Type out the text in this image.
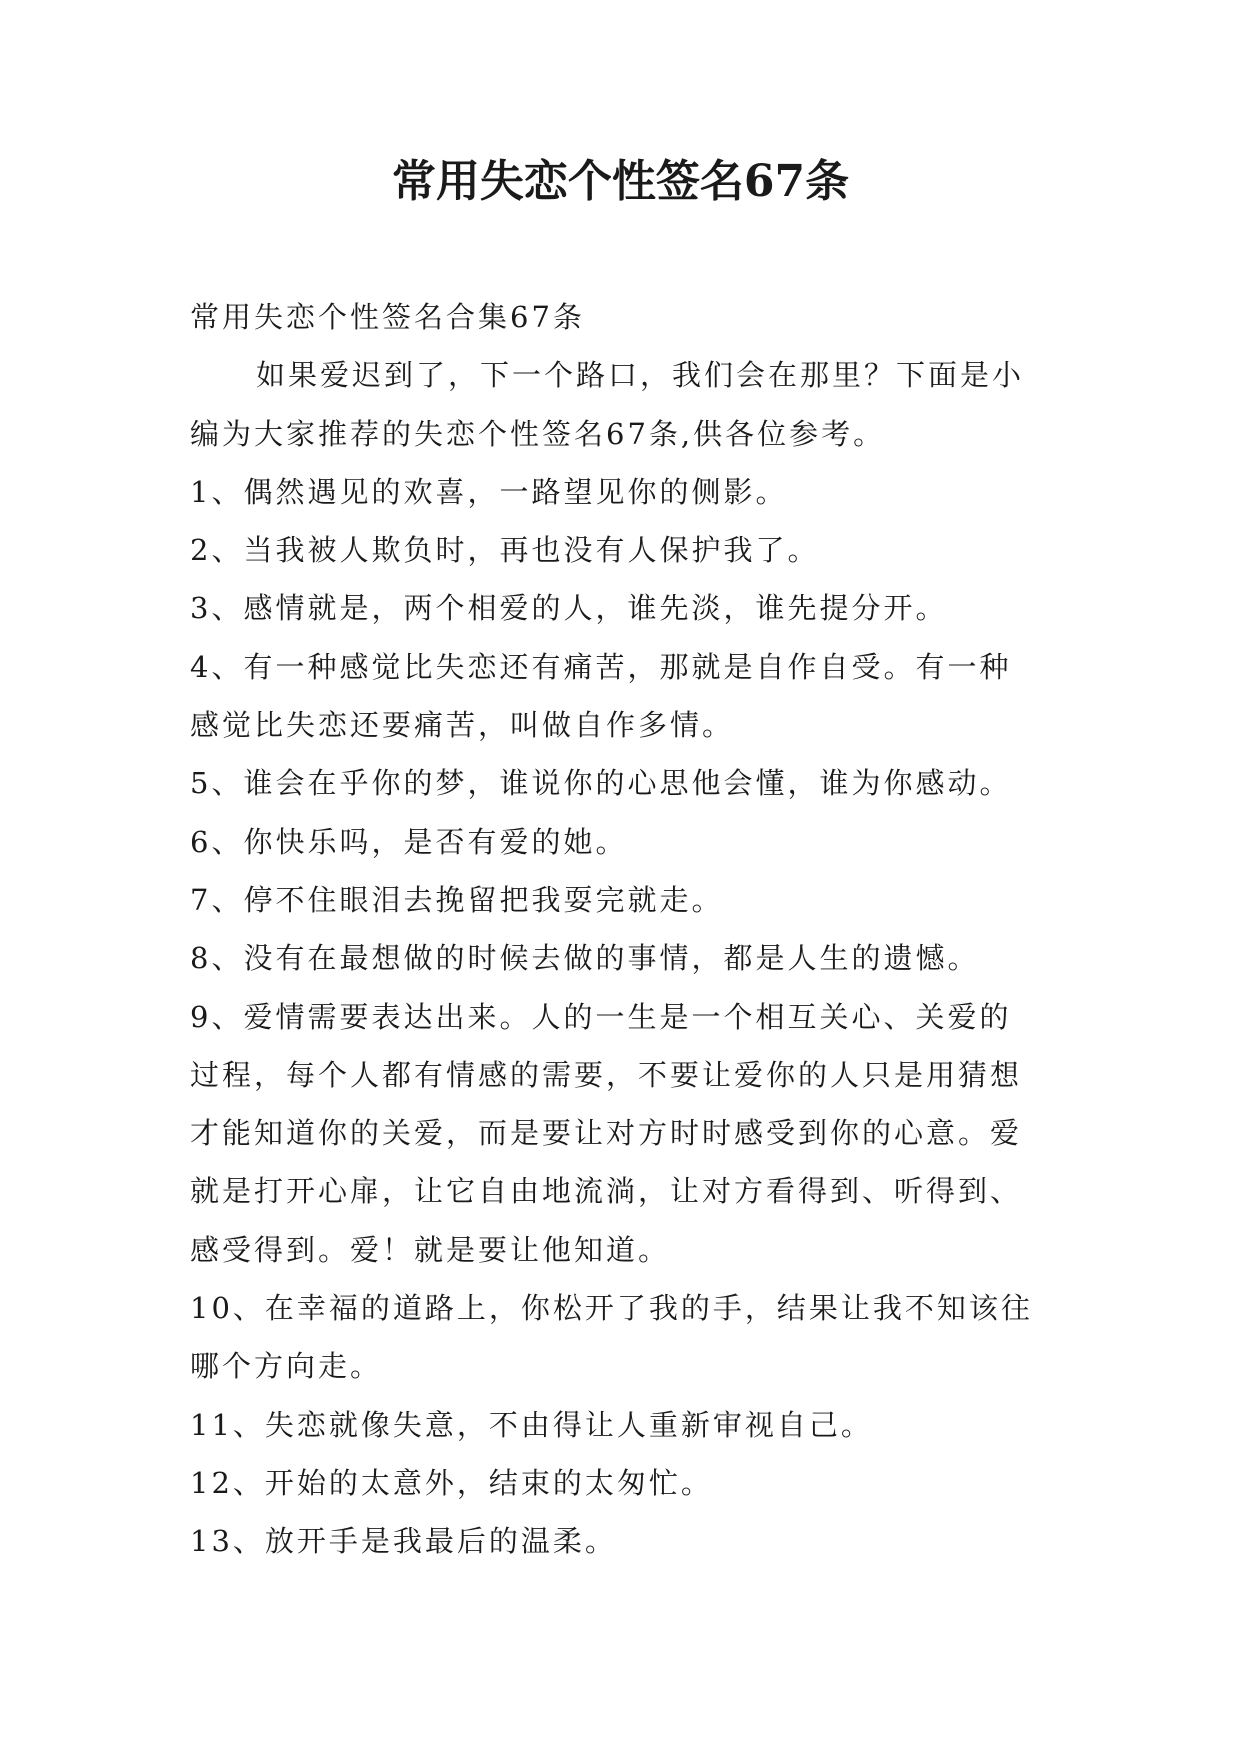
常用失恋个性签名67条
常用失恋个性签名合集67条
如果爱迟到了，下一个路口，我们会在那里？下面是小
编为大家推荐的失恋个性签名67条,供各位参考。
1、偶然遇见的欢喜，一路望见你的侧影。
2、当我被人欺负时，再也没有人保护我了。
3、感情就是，两个相爱的人，谁先淡，谁先提分开。
4、有一种感觉比失恋还有痛苦，那就是自作自受。有一种
感觉比失恋还要痛苦，叫做自作多情。
5、谁会在乎你的梦，谁说你的心思他会懂，谁为你感动。
6、你快乐吗，是否有爱的她。
7、停不住眼泪去挽留把我耍完就走。
8、没有在最想做的时候去做的事情，都是人生的遗憾。
9、爱情需要表达出来。人的一生是一个相互关心、关爱的
过程，每个人都有情感的需要，不要让爱你的人只是用猜想
才能知道你的关爱，而是要让对方时时感受到你的心意。爱
就是打开心扉，让它自由地流淌，让对方看得到、听得到、
感受得到。爱！就是要让他知道。
10、在幸福的道路上，你松开了我的手，结果让我不知该往
哪个方向走。
11、失恋就像失意，不由得让人重新审视自己。
12、开始的太意外，结束的太匆忙。
13、放开手是我最后的温柔。
